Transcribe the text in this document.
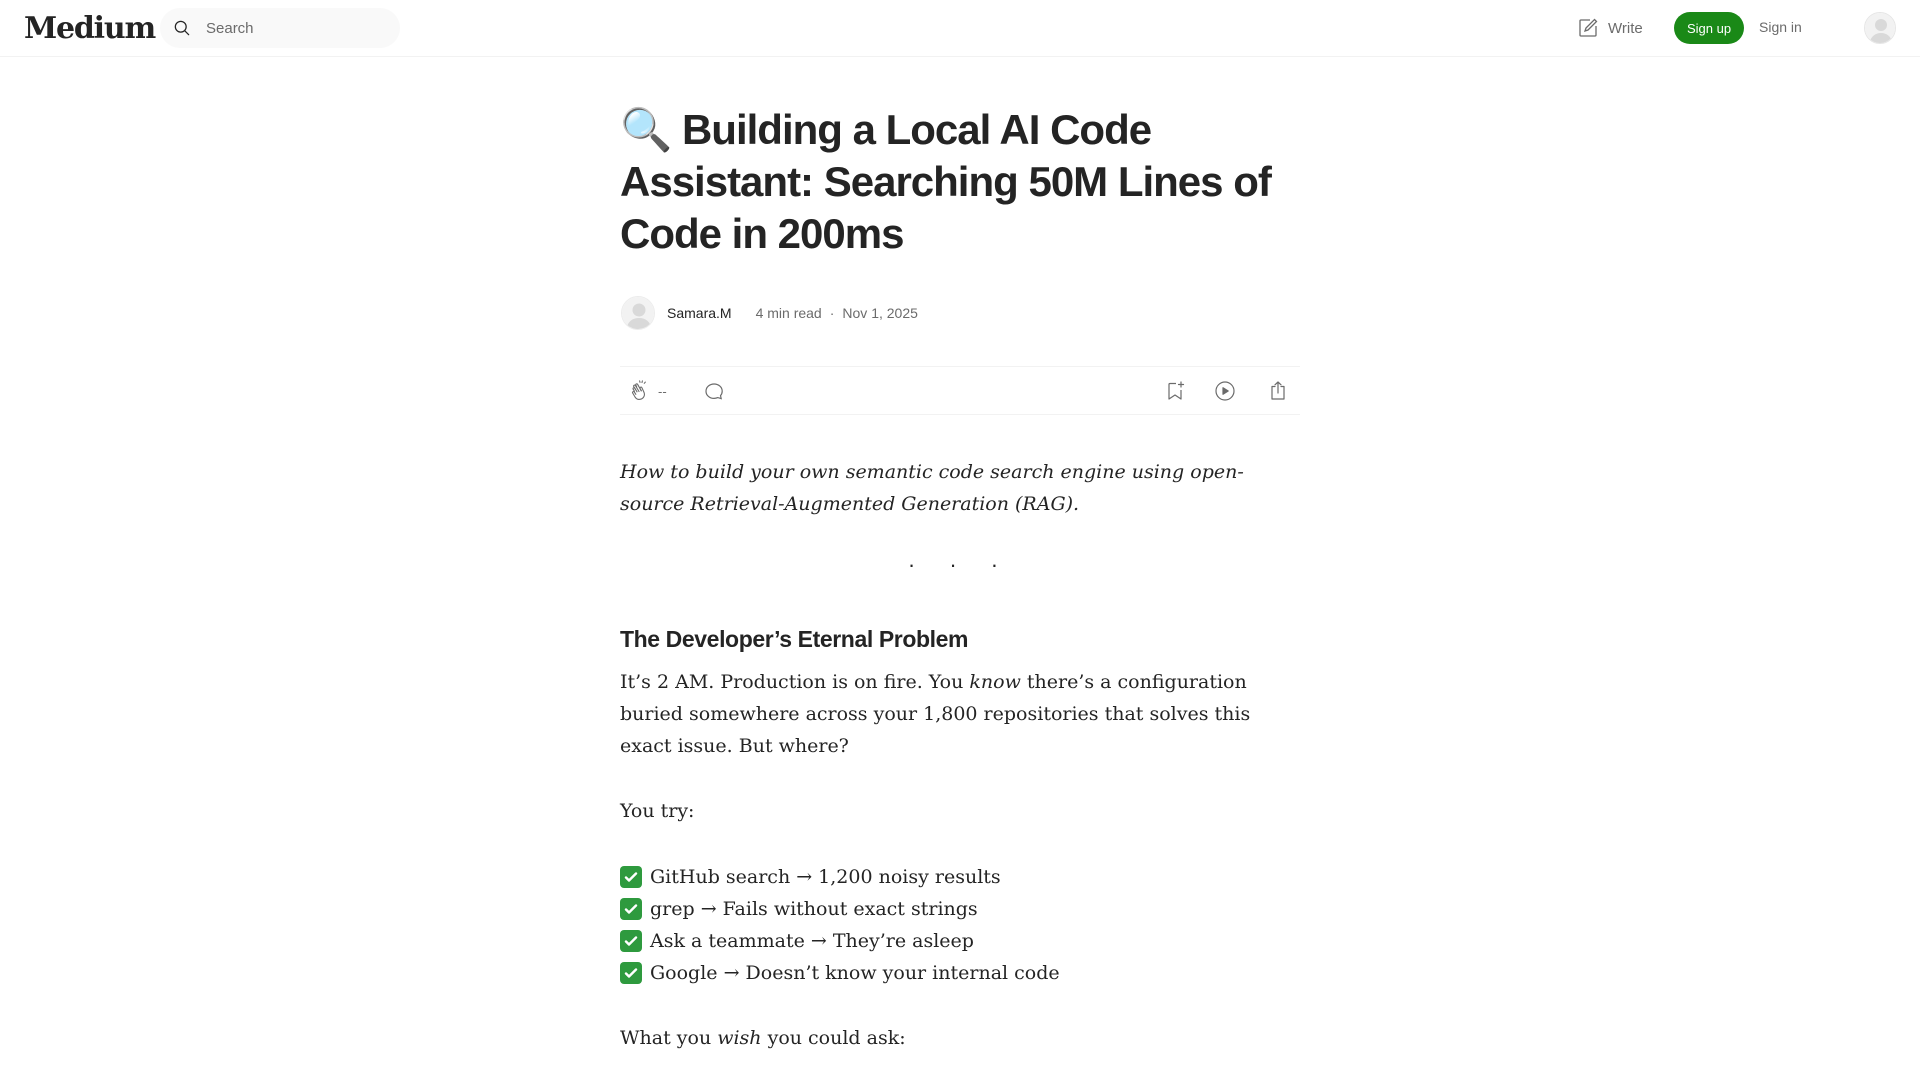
Medium
Search	Write	Sign up	Sign in
🔍 Building a Local AI Code Assistant: Searching 50M Lines of Code in 200ms
Samara.M 4 min read · Nov 1, 2025
--

How to build your own semantic code search engine using open-source Retrieval-Augmented Generation (RAG).

· · ·
The Developer’s Eternal Problem

It’s 2 AM. Production is on fire. You know there’s a configuration buried somewhere across your 1,800 repositories that solves this exact issue. But where?

You try:

GitHub search → 1,200 noisy results
grep → Fails without exact strings
Ask a teammate → They’re asleep
Google → Doesn’t know your internal code

What you wish you could ask:
